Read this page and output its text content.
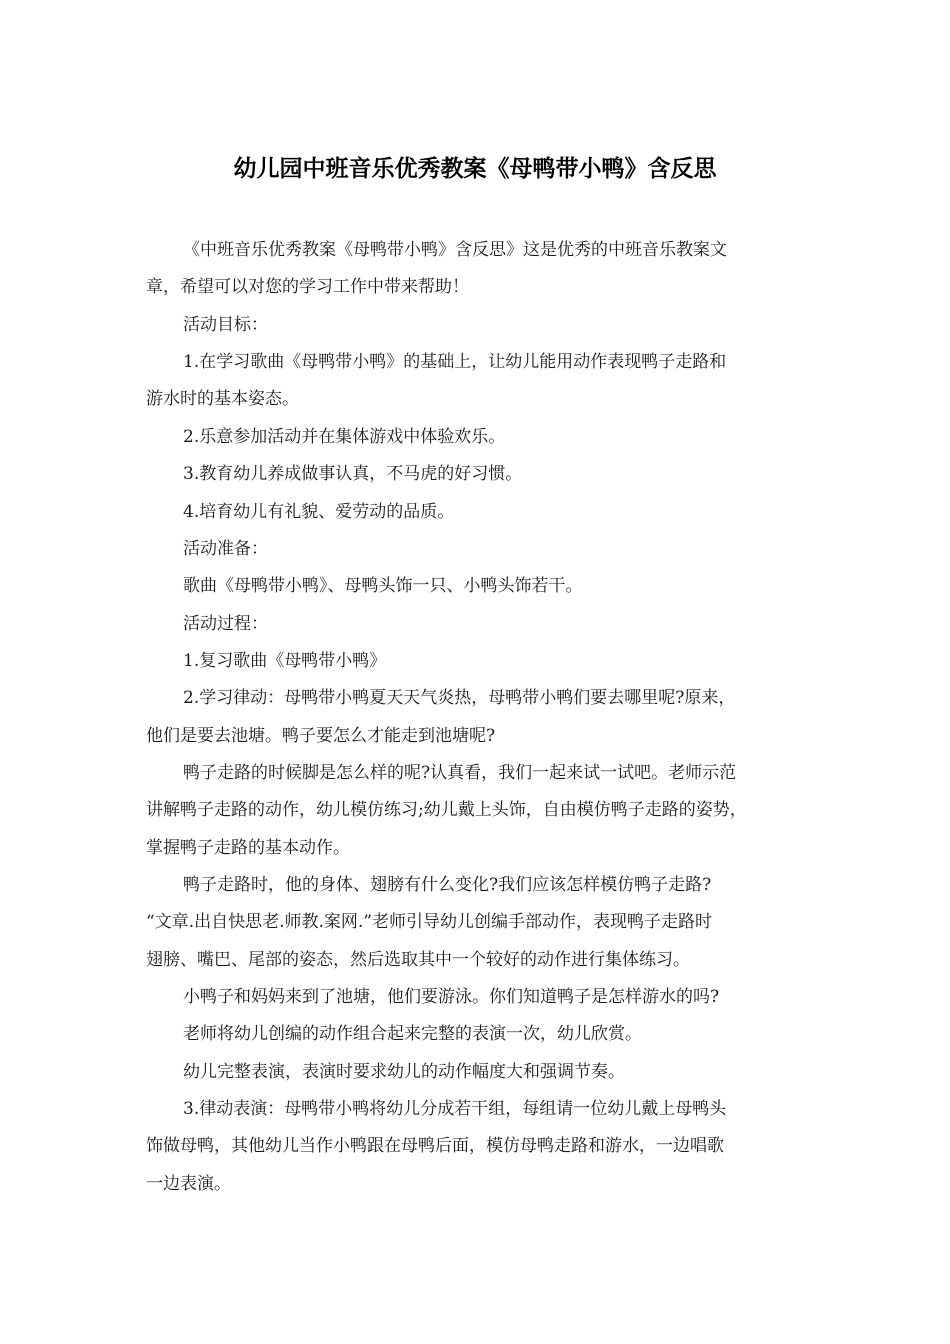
幼儿园中班音乐优秀教案《母鸭带小鸭》含反思

《中班音乐优秀教案《母鸭带小鸭》含反思》这是优秀的中班音乐教案文

章，希望可以对您的学习工作中带来帮助！

活动目标：

1.在学习歌曲《母鸭带小鸭》的基础上，让幼儿能用动作表现鸭子走路和

游水时的基本姿态。

2.乐意参加活动并在集体游戏中体验欢乐。

3.教育幼儿养成做事认真，不马虎的好习惯。

4.培育幼儿有礼貌、爱劳动的品质。

活动准备：

歌曲《母鸭带小鸭》、母鸭头饰一只、小鸭头饰若干。

活动过程：

1.复习歌曲《母鸭带小鸭》

2.学习律动：母鸭带小鸭夏天天气炎热，母鸭带小鸭们要去哪里呢?原来，

他们是要去池塘。鸭子要怎么才能走到池塘呢?

鸭子走路的时候脚是怎么样的呢?认真看，我们一起来试一试吧。老师示范

讲解鸭子走路的动作，幼儿模仿练习;幼儿戴上头饰，自由模仿鸭子走路的姿势，

掌握鸭子走路的基本动作。

鸭子走路时，他的身体、翅膀有什么变化?我们应该怎样模仿鸭子走路?

“文章.出自快思老.师教.案网.”老师引导幼儿创编手部动作，表现鸭子走路时

翅膀、嘴巴、尾部的姿态，然后选取其中一个较好的动作进行集体练习。

小鸭子和妈妈来到了池塘，他们要游泳。你们知道鸭子是怎样游水的吗?

老师将幼儿创编的动作组合起来完整的表演一次，幼儿欣赏。

幼儿完整表演，表演时要求幼儿的动作幅度大和强调节奏。

3.律动表演：母鸭带小鸭将幼儿分成若干组，每组请一位幼儿戴上母鸭头

饰做母鸭，其他幼儿当作小鸭跟在母鸭后面，模仿母鸭走路和游水，一边唱歌

一边表演。
